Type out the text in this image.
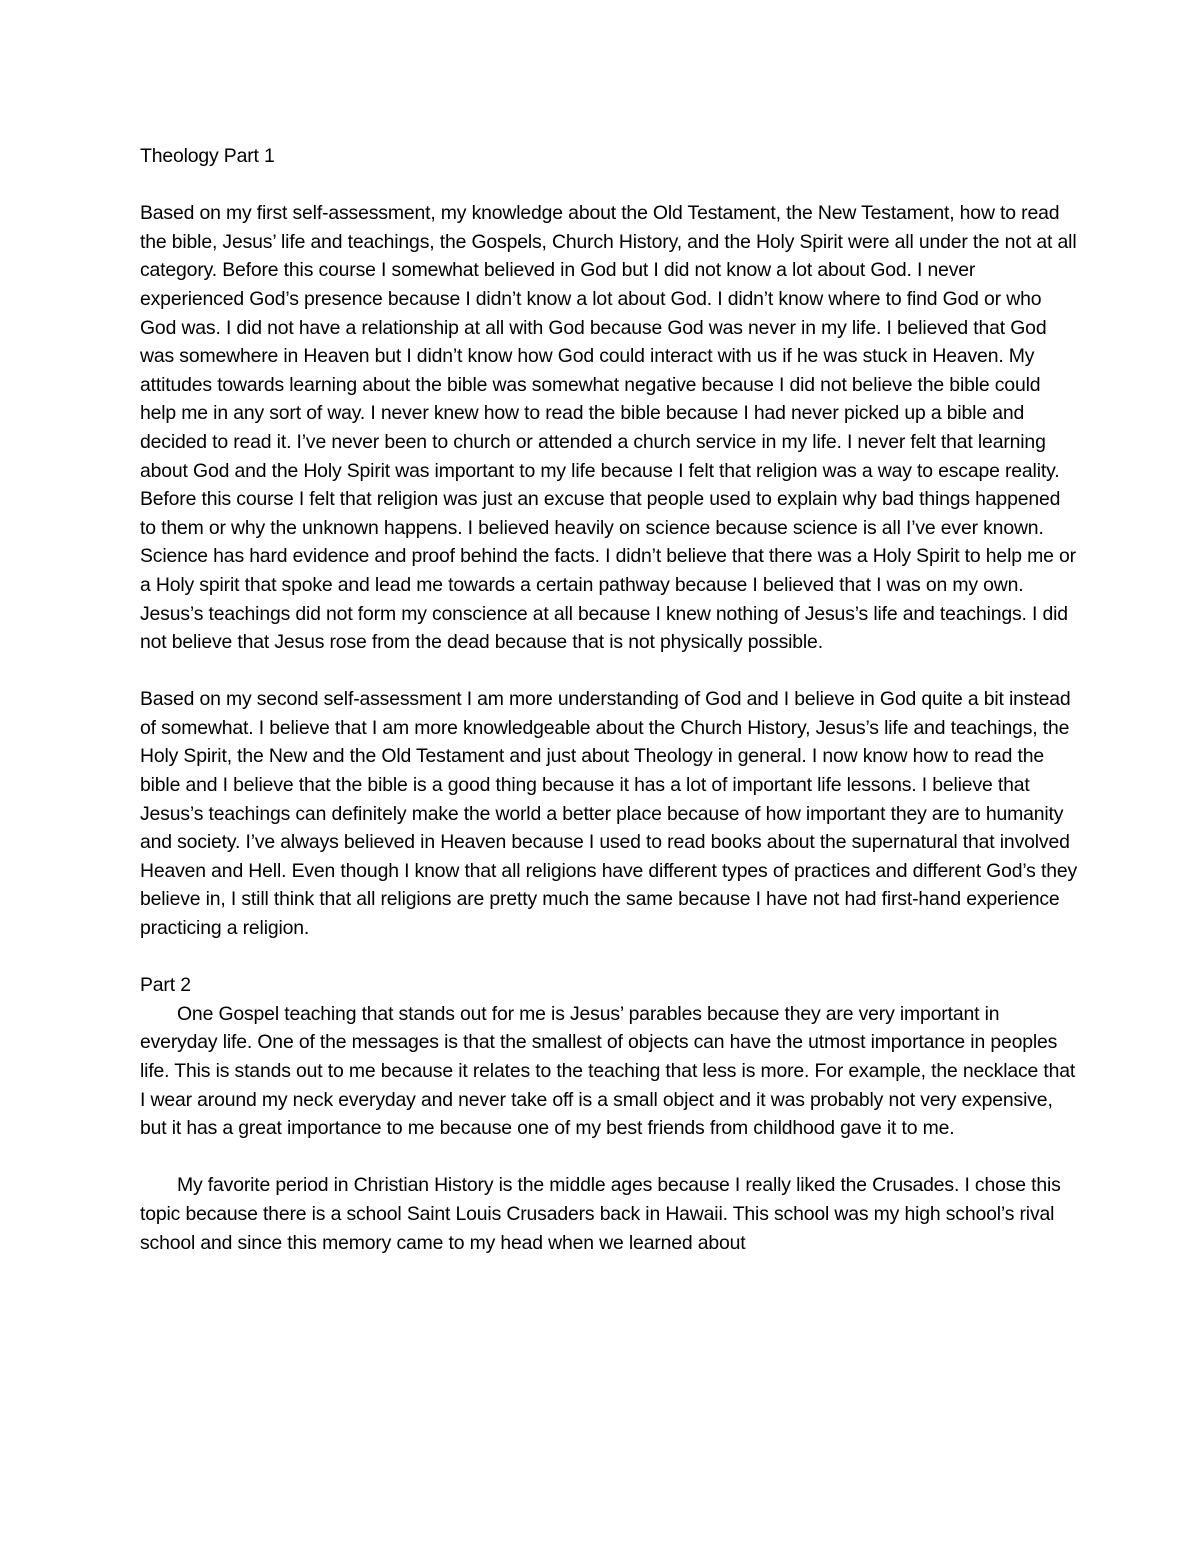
Theology Part 1

Based on my first self-assessment, my knowledge about the Old Testament, the New Testament, how to read the bible, Jesus’ life and teachings, the Gospels, Church History, and the Holy Spirit were all under the not at all category. Before this course I somewhat believed in God but I did not know a lot about God. I never experienced God’s presence because I didn’t know a lot about God. I didn’t know where to find God or who God was. I did not have a relationship at all with God because God was never in my life. I believed that God was somewhere in Heaven but I didn’t know how God could interact with us if he was stuck in Heaven. My attitudes towards learning about the bible was somewhat negative because I did not believe the bible could help me in any sort of way. I never knew how to read the bible because I had never picked up a bible and decided to read it. I’ve never been to church or attended a church service in my life. I never felt that learning about God and the Holy Spirit was important to my life because I felt that religion was a way to escape reality. Before this course I felt that religion was just an excuse that people used to explain why bad things happened to them or why the unknown happens. I believed heavily on science because science is all I’ve ever known. Science has hard evidence and proof behind the facts. I didn’t believe that there was a Holy Spirit to help me or a Holy spirit that spoke and lead me towards a certain pathway because I believed that I was on my own. Jesus’s teachings did not form my conscience at all because I knew nothing of Jesus’s life and teachings. I did not believe that Jesus rose from the dead because that is not physically possible.

Based on my second self-assessment I am more understanding of God and I believe in God quite a bit instead of somewhat. I believe that I am more knowledgeable about the Church History, Jesus’s life and teachings, the Holy Spirit, the New and the Old Testament and just about Theology in general. I now know how to read the bible and I believe that the bible is a good thing because it has a lot of important life lessons. I believe that Jesus’s teachings can definitely make the world a better place because of how important they are to humanity and society. I’ve always believed in Heaven because I used to read books about the supernatural that involved Heaven and Hell. Even though I know that all religions have different types of practices and different God’s they believe in, I still think that all religions are pretty much the same because I have not had first-hand experience practicing a religion.

Part 2

One Gospel teaching that stands out for me is Jesus’ parables because they are very important in everyday life. One of the messages is that the smallest of objects can have the utmost importance in peoples life. This is stands out to me because it relates to the teaching that less is more. For example, the necklace that I wear around my neck everyday and never take off is a small object and it was probably not very expensive, but it has a great importance to me because one of my best friends from childhood gave it to me.

My favorite period in Christian History is the middle ages because I really liked the Crusades. I chose this topic because there is a school Saint Louis Crusaders back in Hawaii. This school was my high school’s rival school and since this memory came to my head when we learned about
